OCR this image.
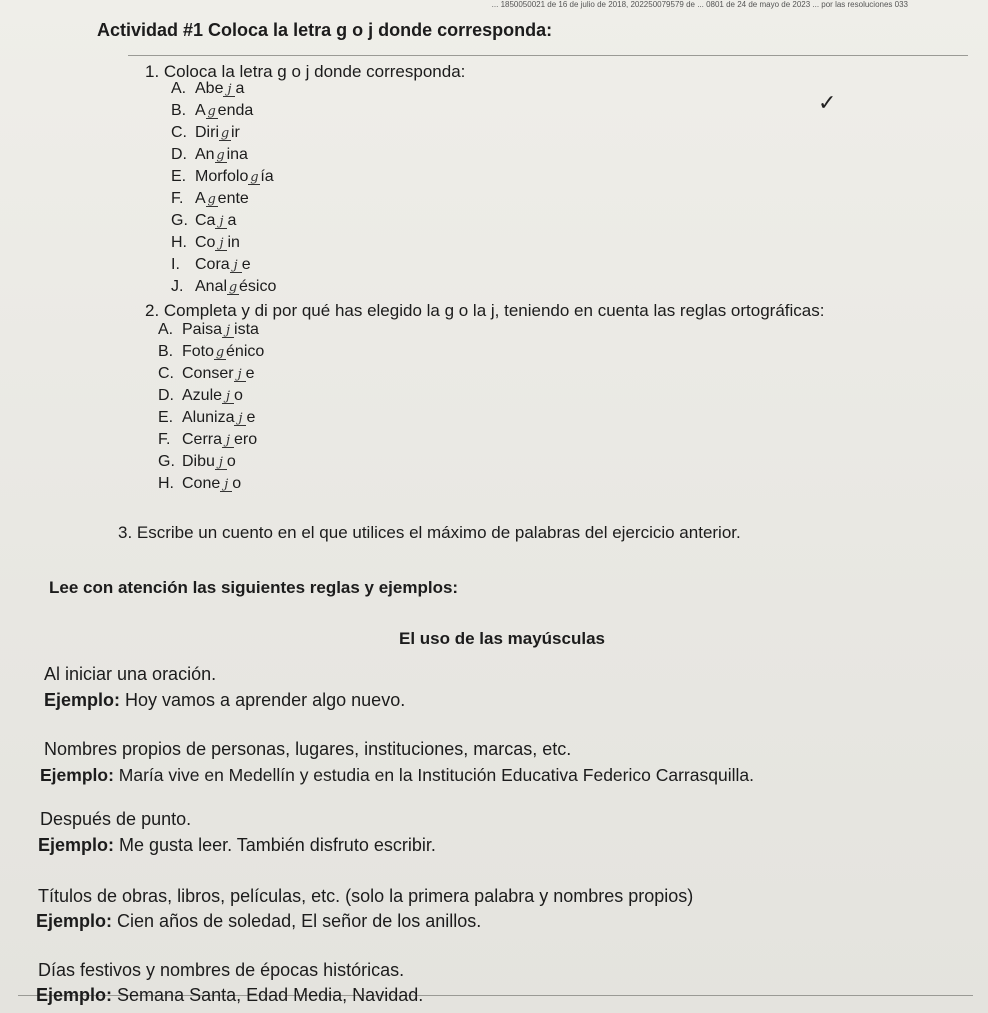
... 1850050021 de 16 de julio de 2018, 202250079579 de ... 0801 de 24 de mayo de 2023 ... por las resoluciones 033
Actividad #1 Coloca la letra g o j donde corresponda:
1. Coloca la letra g o j donde corresponda:
✓
A. Abe j a
B. A g enda
C. Diri g ir
D. An g ina
E. Morfolo g ía
F. A g ente
G. Ca j a
H. Co j in
I. Cora j e
J. Anal g ésico
2. Completa y di por qué has elegido la g o la j, teniendo en cuenta las reglas ortográficas:
A. Paisa j ista
B. Foto g énico
C. Conser j e
D. Azule j o
E. Aluniza j e
F. Cerra j ero
G. Dibu j o
H. Cone j o
3. Escribe un cuento en el que utilices el máximo de palabras del ejercicio anterior.
Lee con atención las siguientes reglas y ejemplos:
El uso de las mayúsculas
Al iniciar una oración.
Ejemplo: Hoy vamos a aprender algo nuevo.
Nombres propios de personas, lugares, instituciones, marcas, etc.
Ejemplo: María vive en Medellín y estudia en la Institución Educativa Federico Carrasquilla.
Después de punto.
Ejemplo: Me gusta leer. También disfruto escribir.
Títulos de obras, libros, películas, etc. (solo la primera palabra y nombres propios)
Ejemplo: Cien años de soledad, El señor de los anillos.
Días festivos y nombres de épocas históricas.
Ejemplo: Semana Santa, Edad Media, Navidad.
